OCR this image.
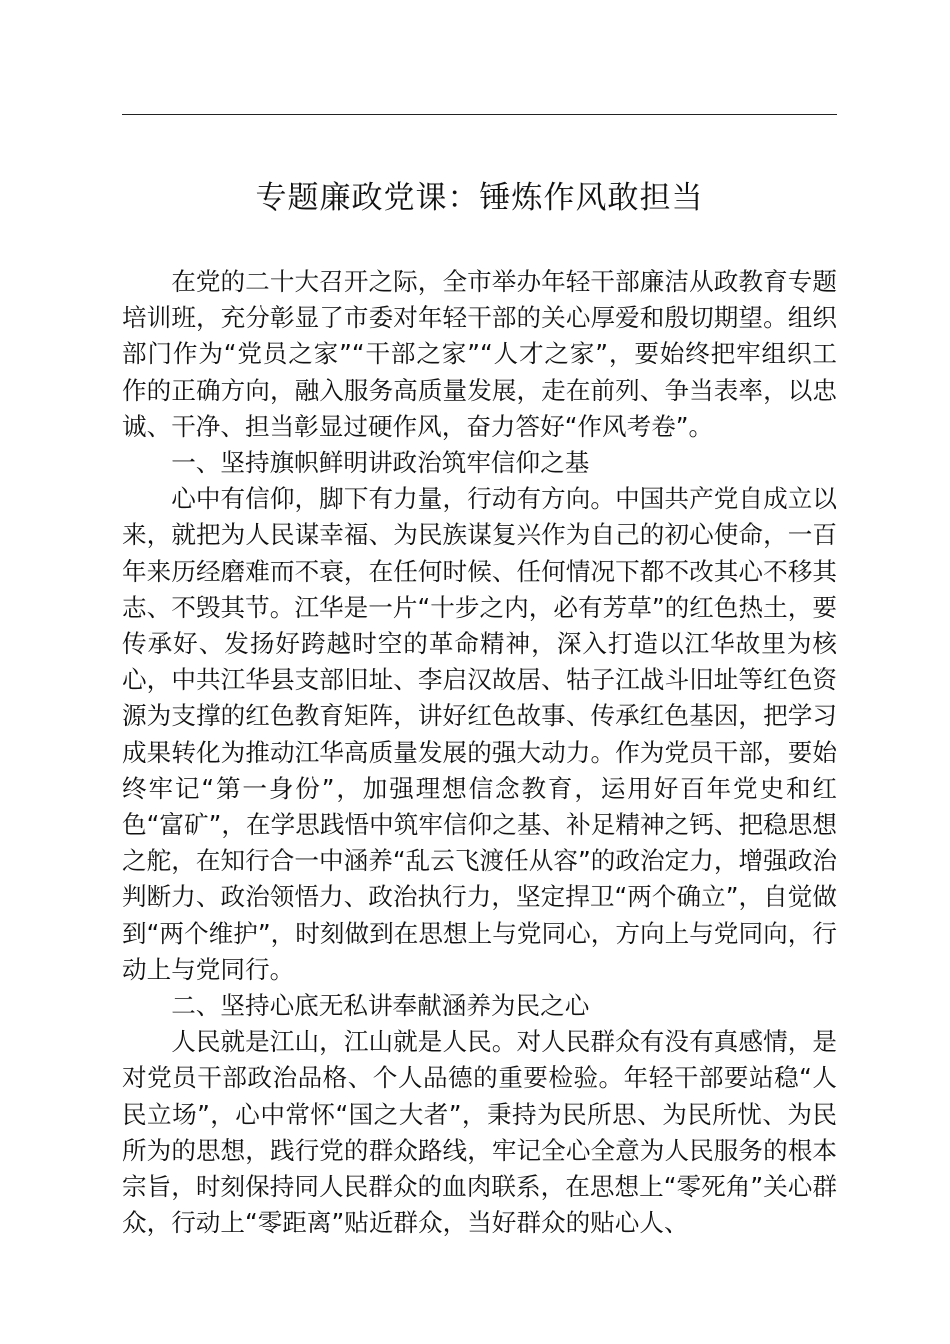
专题廉政党课：锤炼作风敢担当

在党的二十大召开之际，全市举办年轻干部廉洁从政教育专题培训班，充分彰显了市委对年轻干部的关心厚爱和殷切期望。组织部门作为“党员之家”“干部之家”“人才之家”，要始终把牢组织工作的正确方向，融入服务高质量发展，走在前列、争当表率，以忠诚、干净、担当彰显过硬作风，奋力答好“作风考卷”。

一、坚持旗帜鲜明讲政治筑牢信仰之基

心中有信仰，脚下有力量，行动有方向。中国共产党自成立以来，就把为人民谋幸福、为民族谋复兴作为自己的初心使命，一百年来历经磨难而不衰，在任何时候、任何情况下都不改其心不移其志、不毁其节。江华是一片“十步之内，必有芳草”的红色热土，要传承好、发扬好跨越时空的革命精神，深入打造以江华故里为核心，中共江华县支部旧址、李启汉故居、牯子江战斗旧址等红色资源为支撑的红色教育矩阵，讲好红色故事、传承红色基因，把学习成果转化为推动江华高质量发展的强大动力。作为党员干部，要始终牢记“第一身份”，加强理想信念教育，运用好百年党史和红色“富矿”，在学思践悟中筑牢信仰之基、补足精神之钙、把稳思想之舵，在知行合一中涵养“乱云飞渡任从容”的政治定力，增强政治判断力、政治领悟力、政治执行力，坚定捍卫“两个确立”，自觉做到“两个维护”，时刻做到在思想上与党同心，方向上与党同向，行动上与党同行。

二、坚持心底无私讲奉献涵养为民之心

人民就是江山，江山就是人民。对人民群众有没有真感情，是对党员干部政治品格、个人品德的重要检验。年轻干部要站稳“人民立场”，心中常怀“国之大者”，秉持为民所思、为民所忧、为民所为的思想，践行党的群众路线，牢记全心全意为人民服务的根本宗旨，时刻保持同人民群众的血肉联系，在思想上“零死角”关心群众，行动上“零距离”贴近群众，当好群众的贴心人、
